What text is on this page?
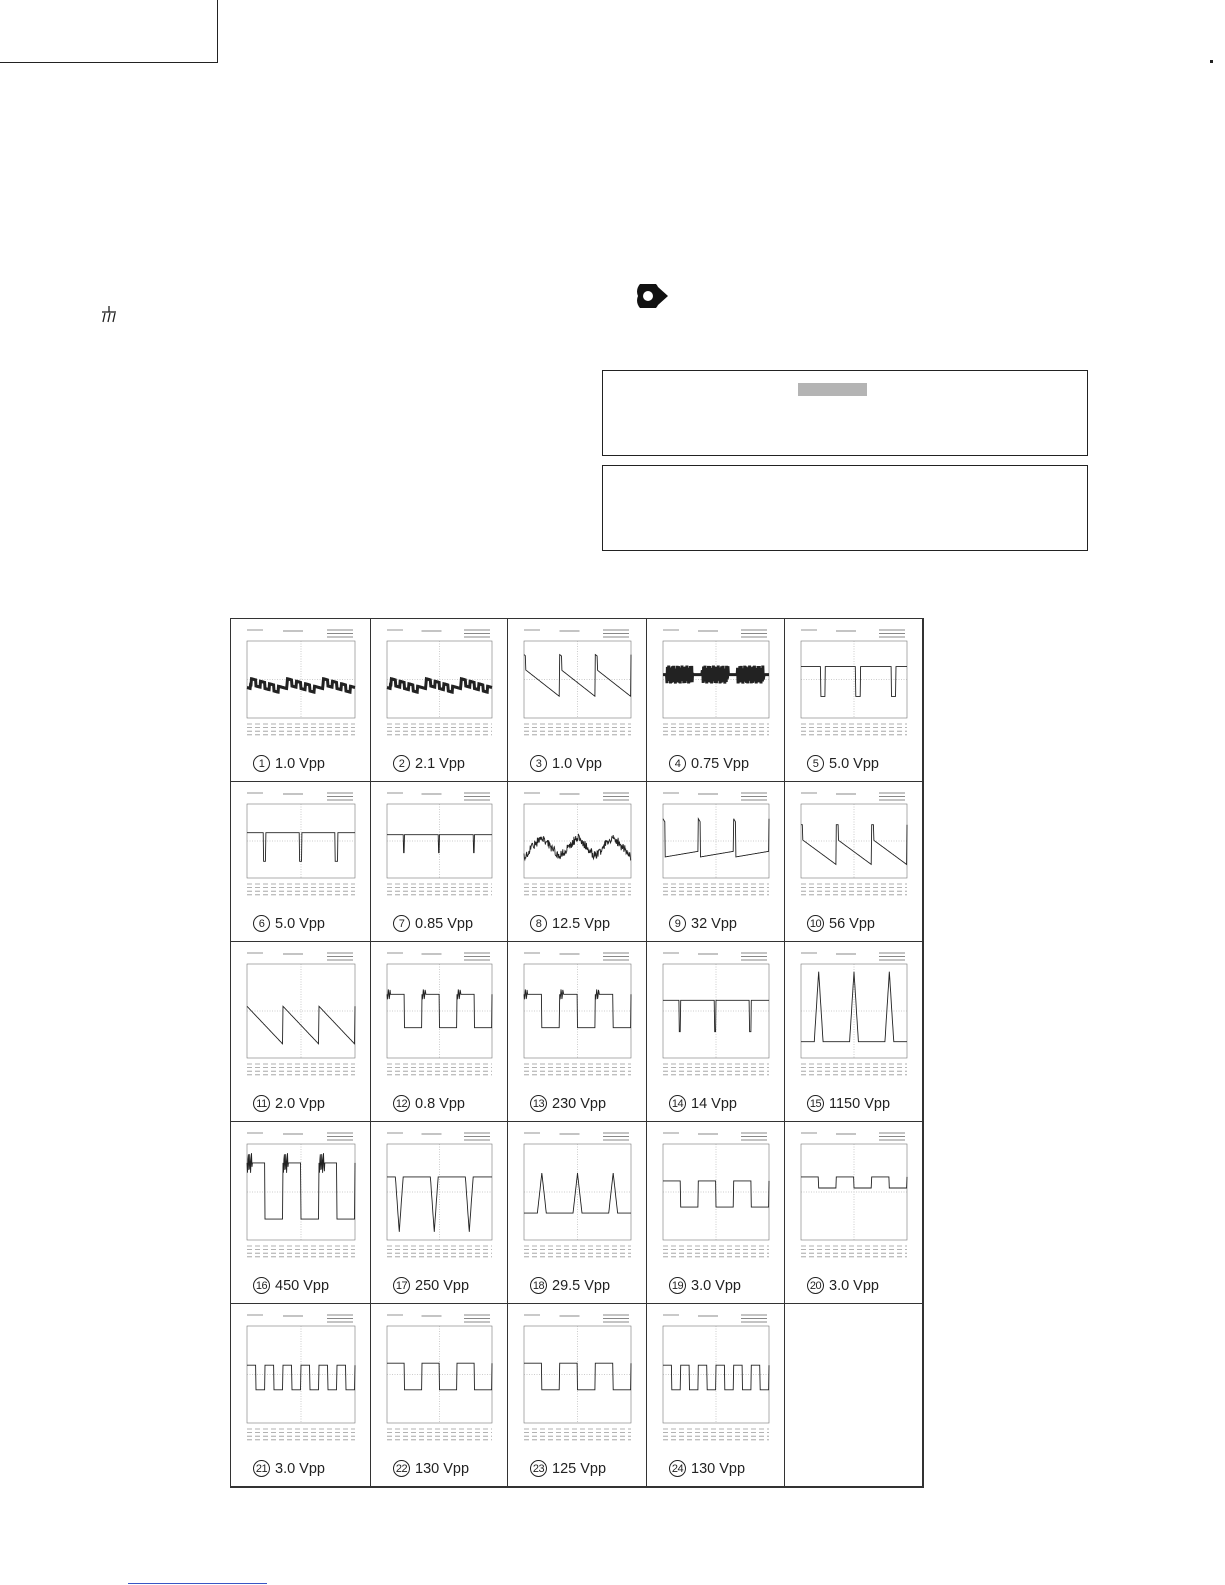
1 1.0 Vpp	2 2.1 Vpp	3 1.0 Vpp	4 0.75 Vpp	5 5.0 Vpp
6 5.0 Vpp	7 0.85 Vpp	8 12.5 Vpp	9 32 Vpp	10 56 Vpp
11 2.0 Vpp	12 0.8 Vpp	13 230 Vpp	14 14 Vpp	15 1150 Vpp
16 450 Vpp	17 250 Vpp	18 29.5 Vpp	19 3.0 Vpp	20 3.0 Vpp
21 3.0 Vpp	22 130 Vpp	23 125 Vpp	24 130 Vpp
